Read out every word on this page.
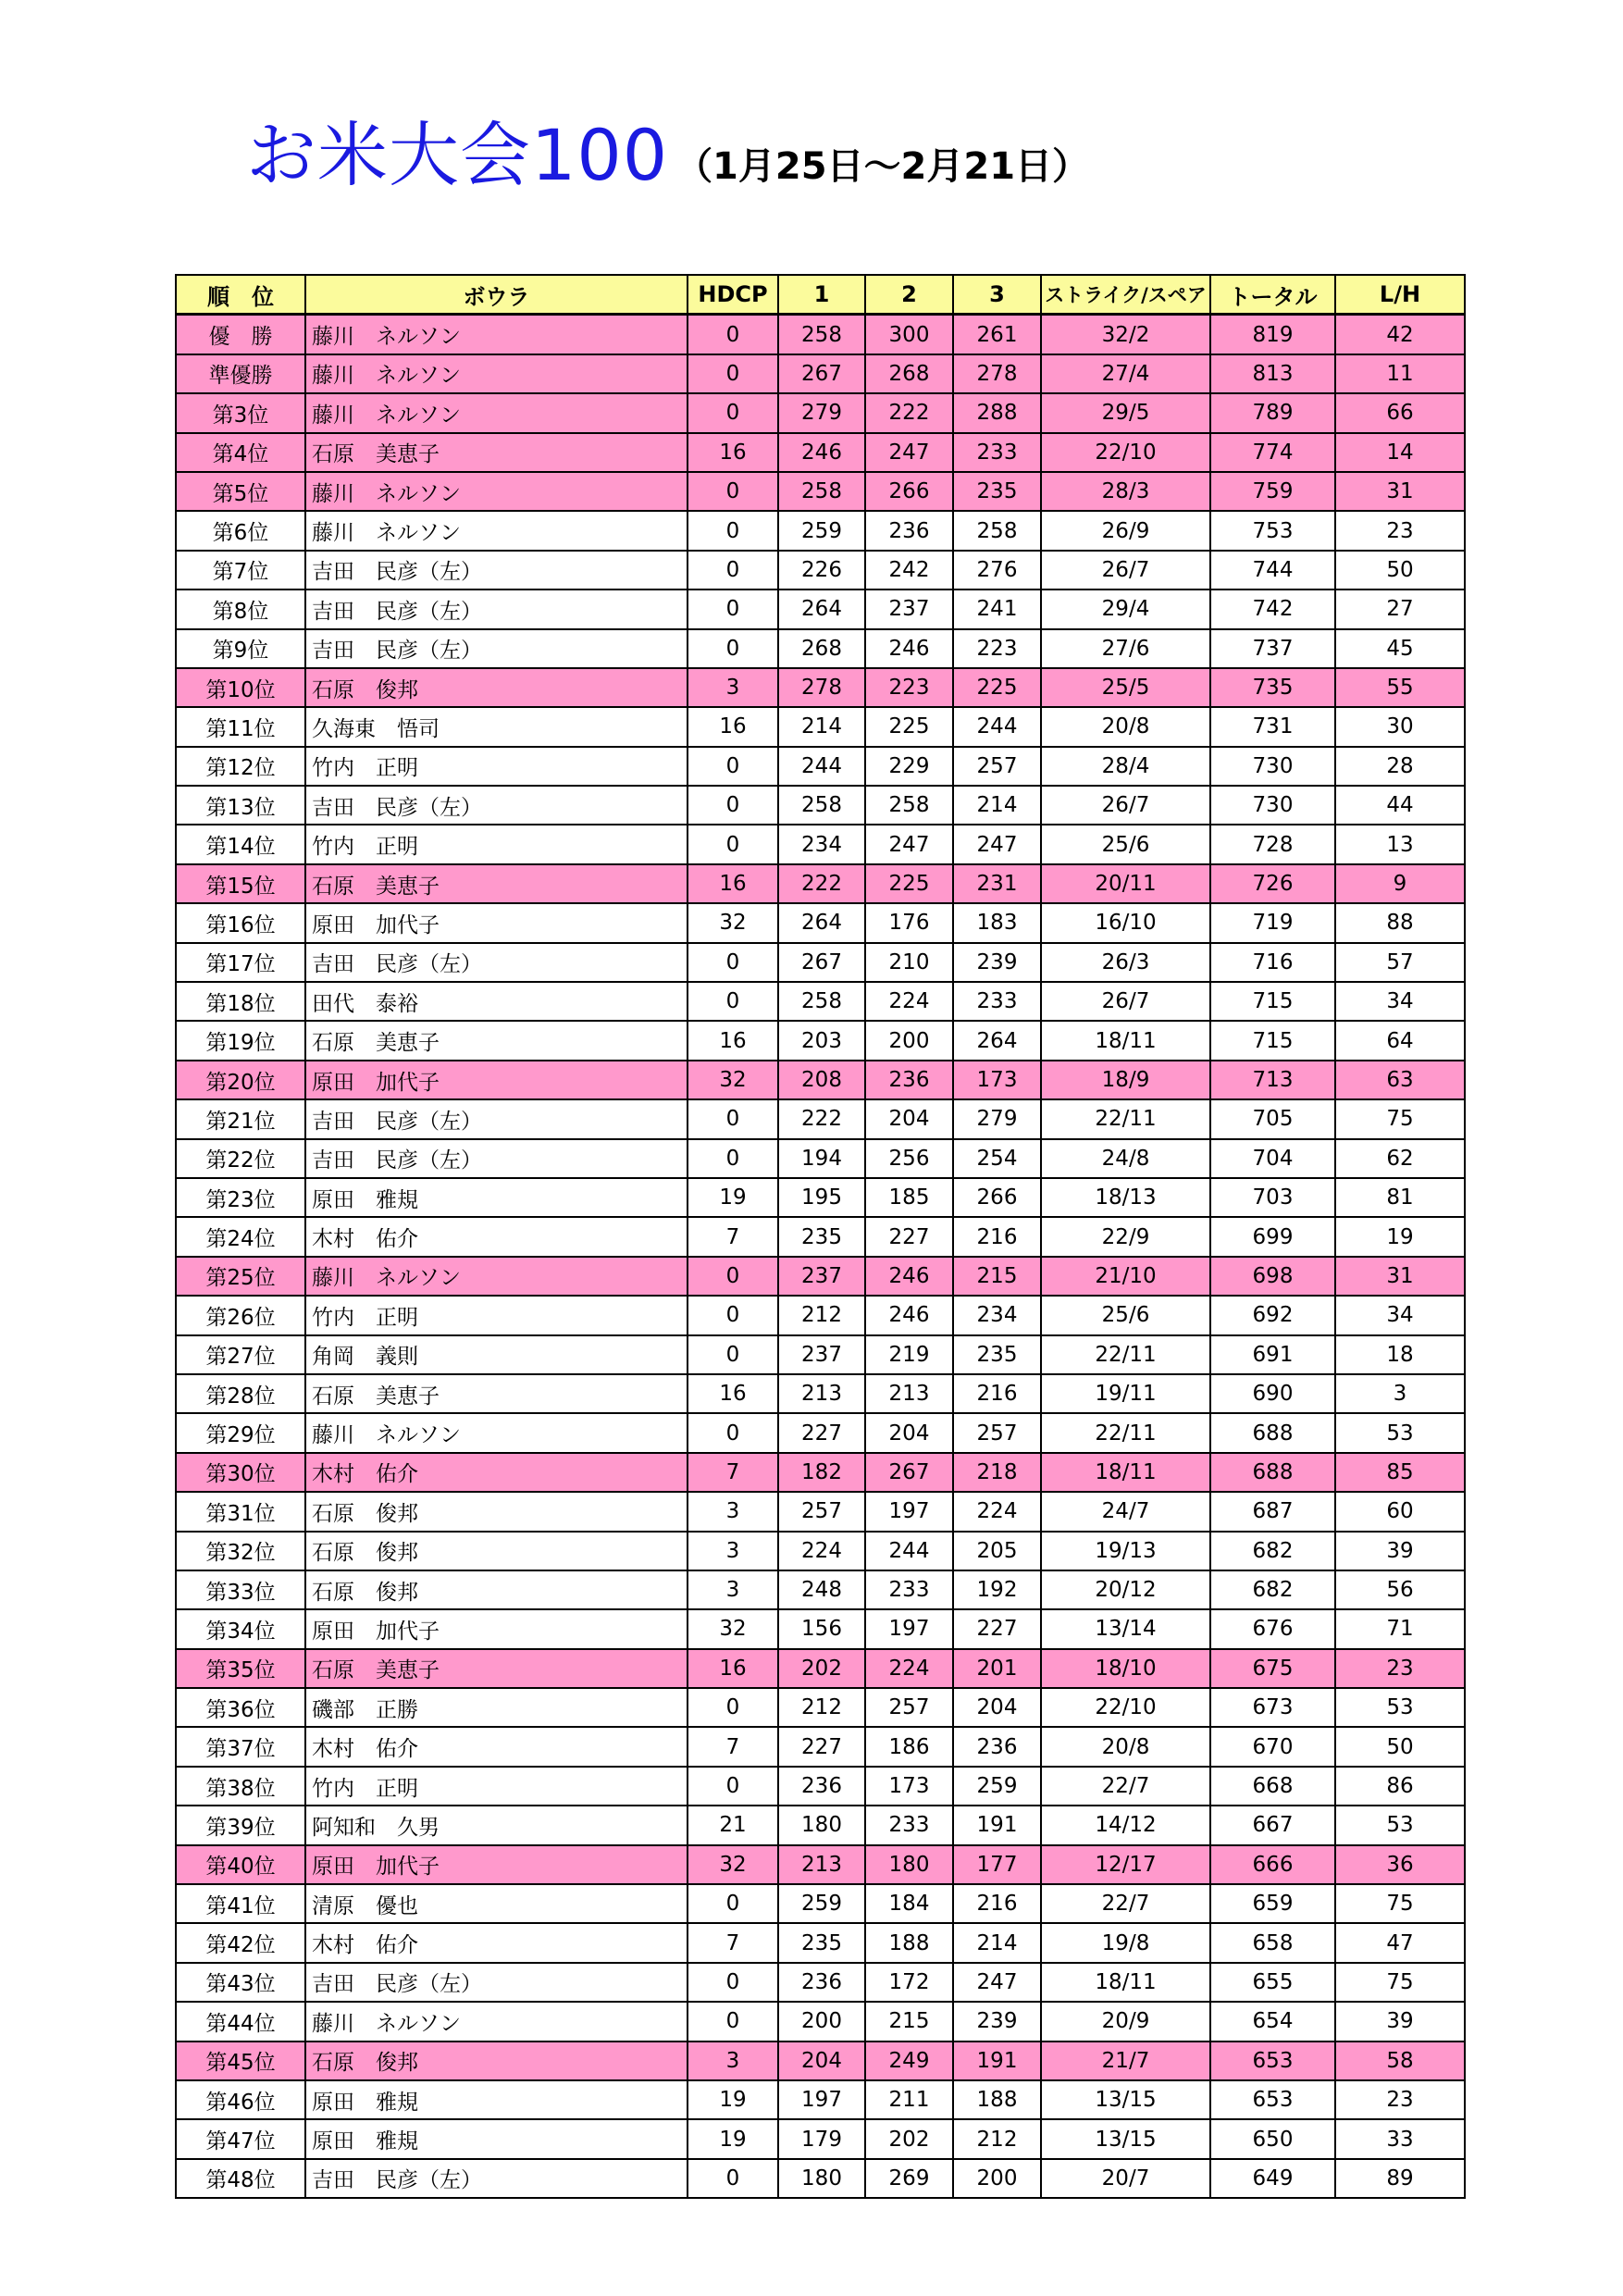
お米大会100 （1月25日～2月21日）
順　位	ボウラ	HDCP	1	2	3	ストライク/スペア	トータル	L/H
優　勝	藤川　ネルソン	0	258	300	261	32/2	819	42
準優勝	藤川　ネルソン	0	267	268	278	27/4	813	11
第3位	藤川　ネルソン	0	279	222	288	29/5	789	66
第4位	石原　美恵子	16	246	247	233	22/10	774	14
第5位	藤川　ネルソン	0	258	266	235	28/3	759	31
第6位	藤川　ネルソン	0	259	236	258	26/9	753	23
第7位	吉田　民彦（左）	0	226	242	276	26/7	744	50
第8位	吉田　民彦（左）	0	264	237	241	29/4	742	27
第9位	吉田　民彦（左）	0	268	246	223	27/6	737	45
第10位	石原　俊邦	3	278	223	225	25/5	735	55
第11位	久海東　悟司	16	214	225	244	20/8	731	30
第12位	竹内　正明	0	244	229	257	28/4	730	28
第13位	吉田　民彦（左）	0	258	258	214	26/7	730	44
第14位	竹内　正明	0	234	247	247	25/6	728	13
第15位	石原　美恵子	16	222	225	231	20/11	726	9
第16位	原田　加代子	32	264	176	183	16/10	719	88
第17位	吉田　民彦（左）	0	267	210	239	26/3	716	57
第18位	田代　泰裕	0	258	224	233	26/7	715	34
第19位	石原　美恵子	16	203	200	264	18/11	715	64
第20位	原田　加代子	32	208	236	173	18/9	713	63
第21位	吉田　民彦（左）	0	222	204	279	22/11	705	75
第22位	吉田　民彦（左）	0	194	256	254	24/8	704	62
第23位	原田　雅規	19	195	185	266	18/13	703	81
第24位	木村　佑介	7	235	227	216	22/9	699	19
第25位	藤川　ネルソン	0	237	246	215	21/10	698	31
第26位	竹内　正明	0	212	246	234	25/6	692	34
第27位	角岡　義則	0	237	219	235	22/11	691	18
第28位	石原　美恵子	16	213	213	216	19/11	690	3
第29位	藤川　ネルソン	0	227	204	257	22/11	688	53
第30位	木村　佑介	7	182	267	218	18/11	688	85
第31位	石原　俊邦	3	257	197	224	24/7	687	60
第32位	石原　俊邦	3	224	244	205	19/13	682	39
第33位	石原　俊邦	3	248	233	192	20/12	682	56
第34位	原田　加代子	32	156	197	227	13/14	676	71
第35位	石原　美恵子	16	202	224	201	18/10	675	23
第36位	磯部　正勝	0	212	257	204	22/10	673	53
第37位	木村　佑介	7	227	186	236	20/8	670	50
第38位	竹内　正明	0	236	173	259	22/7	668	86
第39位	阿知和　久男	21	180	233	191	14/12	667	53
第40位	原田　加代子	32	213	180	177	12/17	666	36
第41位	清原　優也	0	259	184	216	22/7	659	75
第42位	木村　佑介	7	235	188	214	19/8	658	47
第43位	吉田　民彦（左）	0	236	172	247	18/11	655	75
第44位	藤川　ネルソン	0	200	215	239	20/9	654	39
第45位	石原　俊邦	3	204	249	191	21/7	653	58
第46位	原田　雅規	19	197	211	188	13/15	653	23
第47位	原田　雅規	19	179	202	212	13/15	650	33
第48位	吉田　民彦（左）	0	180	269	200	20/7	649	89
